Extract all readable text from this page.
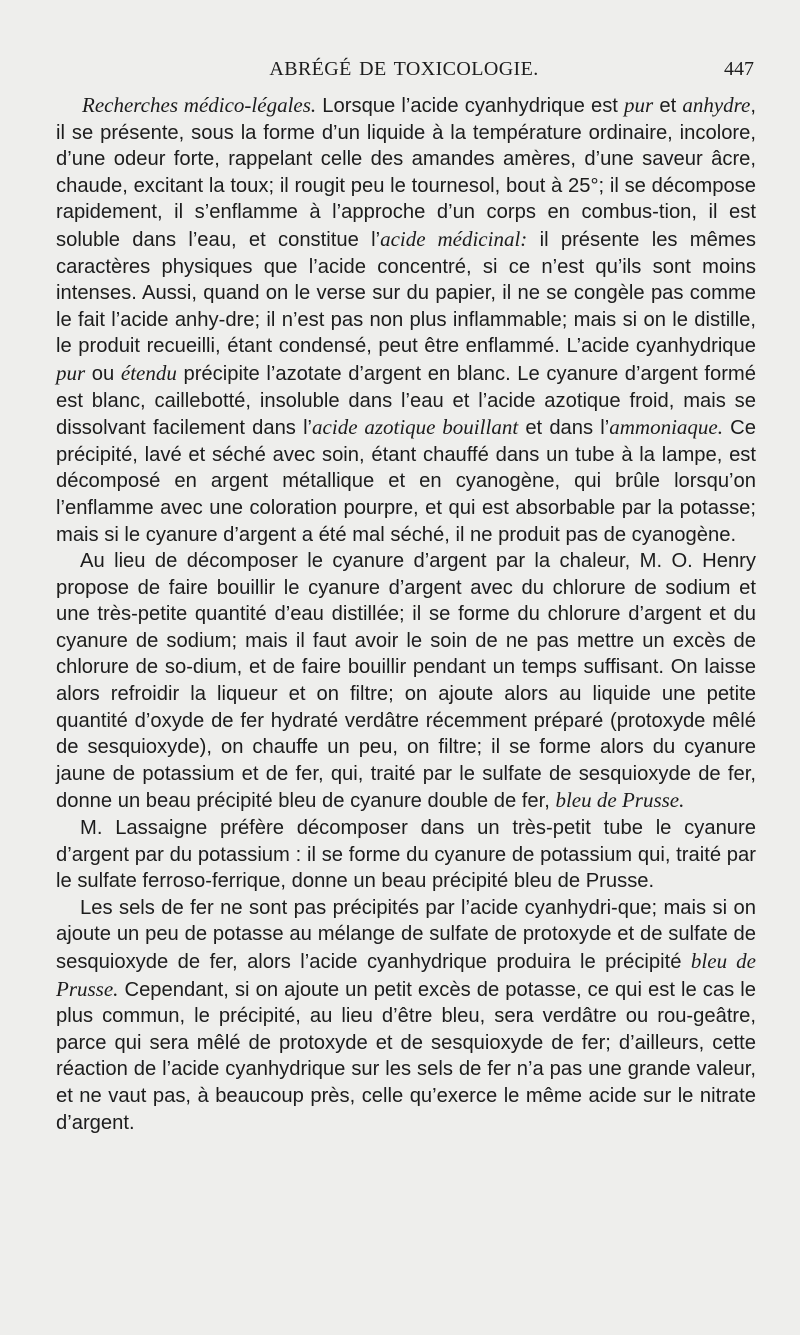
ABRÉGÉ DE TOXICOLOGIE.	447

Recherches médico-légales. Lorsque l’acide cyanhydrique est pur et anhydre, il se présente, sous la forme d’un liquide à la température ordinaire, incolore, d’une odeur forte, rappelant celle des amandes amères, d’une saveur âcre, chaude, excitant la toux; il rougit peu le tournesol, bout à 25°; il se décompose rapidement, il s’enflamme à l’approche d’un corps en combus-tion, il est soluble dans l’eau, et constitue l’acide médicinal: il présente les mêmes caractères physiques que l’acide concentré, si ce n’est qu’ils sont moins intenses. Aussi, quand on le verse sur du papier, il ne se congèle pas comme le fait l’acide anhy-dre; il n’est pas non plus inflammable; mais si on le distille, le produit recueilli, étant condensé, peut être enflammé. L’acide cyanhydrique pur ou étendu précipite l’azotate d’argent en blanc. Le cyanure d’argent formé est blanc, caillebotté, insoluble dans l’eau et l’acide azotique froid, mais se dissolvant facilement dans l’acide azotique bouillant et dans l’ammoniaque. Ce précipité, lavé et séché avec soin, étant chauffé dans un tube à la lampe, est décomposé en argent métallique et en cyanogène, qui brûle lorsqu’on l’enflamme avec une coloration pourpre, et qui est absorbable par la potasse; mais si le cyanure d’argent a été mal séché, il ne produit pas de cyanogène.

Au lieu de décomposer le cyanure d’argent par la chaleur, M. O. Henry propose de faire bouillir le cyanure d’argent avec du chlorure de sodium et une très-petite quantité d’eau distillée; il se forme du chlorure d’argent et du cyanure de sodium; mais il faut avoir le soin de ne pas mettre un excès de chlorure de so-dium, et de faire bouillir pendant un temps suffisant. On laisse alors refroidir la liqueur et on filtre; on ajoute alors au liquide une petite quantité d’oxyde de fer hydraté verdâtre récemment préparé (protoxyde mêlé de sesquioxyde), on chauffe un peu, on filtre; il se forme alors du cyanure jaune de potassium et de fer, qui, traité par le sulfate de sesquioxyde de fer, donne un beau précipité bleu de cyanure double de fer, bleu de Prusse.

M. Lassaigne préfère décomposer dans un très-petit tube le cyanure d’argent par du potassium : il se forme du cyanure de potassium qui, traité par le sulfate ferroso-ferrique, donne un beau précipité bleu de Prusse.

Les sels de fer ne sont pas précipités par l’acide cyanhydri-que; mais si on ajoute un peu de potasse au mélange de sulfate de protoxyde et de sulfate de sesquioxyde de fer, alors l’acide cyanhydrique produira le précipité bleu de Prusse. Cependant, si on ajoute un petit excès de potasse, ce qui est le cas le plus commun, le précipité, au lieu d’être bleu, sera verdâtre ou rou-geâtre, parce qui sera mêlé de protoxyde et de sesquioxyde de fer; d’ailleurs, cette réaction de l’acide cyanhydrique sur les sels de fer n’a pas une grande valeur, et ne vaut pas, à beaucoup près, celle qu’exerce le même acide sur le nitrate d’argent.
